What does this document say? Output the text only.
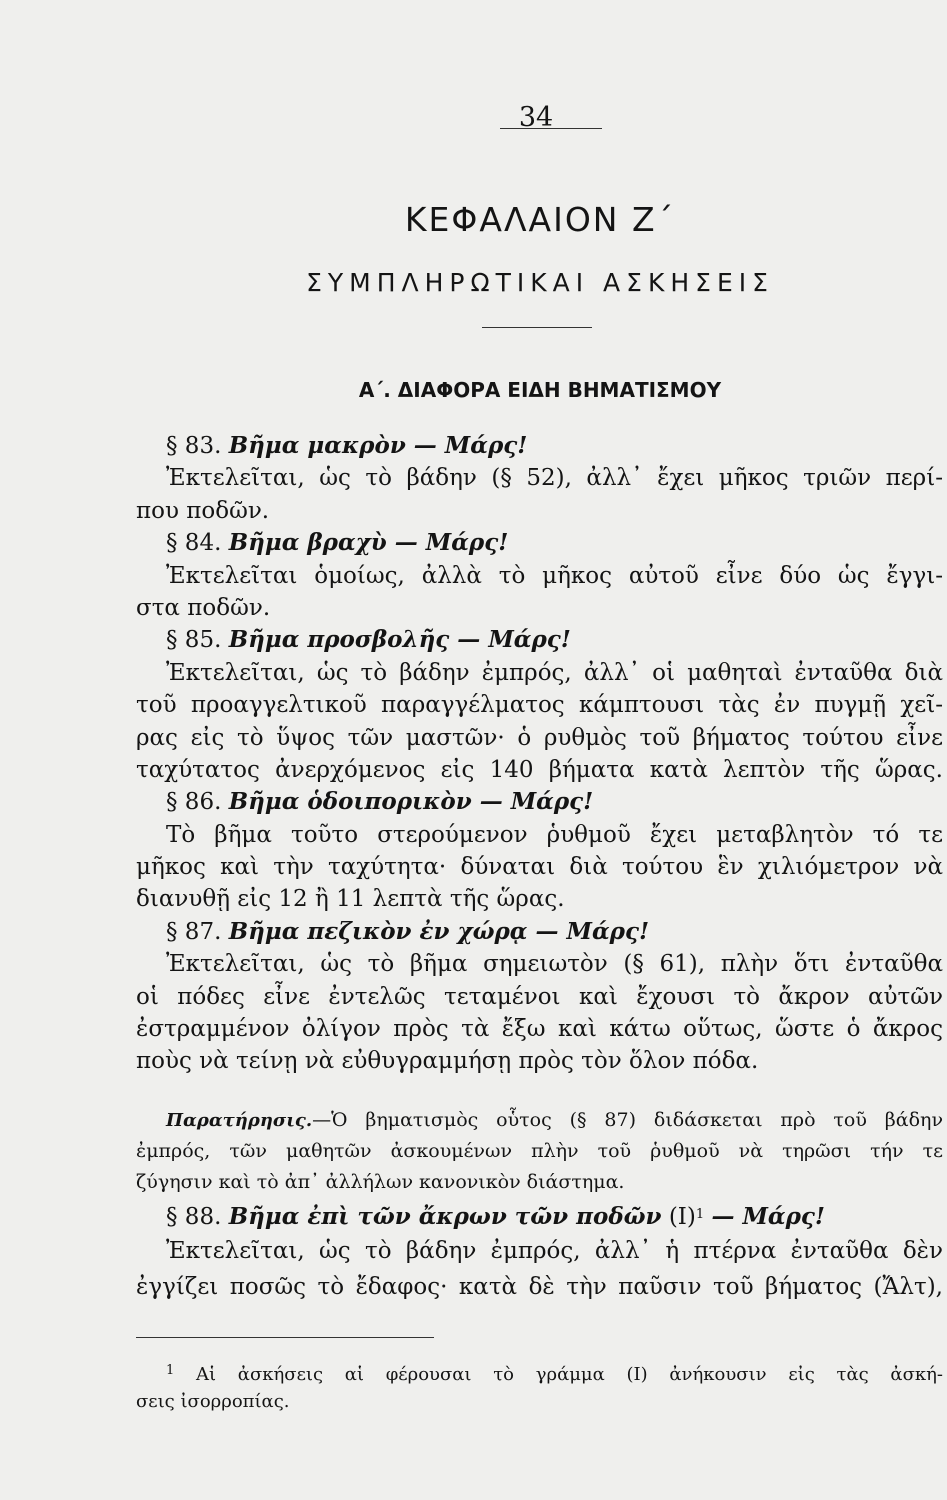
34
ΚΕΦΑΛΑΙΟΝ Ζ΄
ΣΥΜΠΛΗΡΩΤΙΚΑΙ ΑΣΚΗΣΕΙΣ
Α΄. ΔΙΑΦΟΡΑ ΕΙΔΗ ΒΗΜΑΤΙΣΜΟΥ
§ 83. Βῆμα μακρὸν — Μάρς!
Ἐκτελεῖται, ὡς τὸ βάδην (§ 52), ἀλλ᾽ ἔχει μῆκος τριῶν περί-
που ποδῶν.
§ 84. Βῆμα βραχὺ — Μάρς!
Ἐκτελεῖται ὁμοίως, ἀλλὰ τὸ μῆκος αὐτοῦ εἶνε δύο ὡς ἔγγι-
στα ποδῶν.
§ 85. Βῆμα προσβολῆς — Μάρς!
Ἐκτελεῖται, ὡς τὸ βάδην ἐμπρός, ἀλλ᾽ οἱ μαθηταὶ ἐνταῦθα διὰ
τοῦ προαγγελτικοῦ παραγγέλματος κάμπτουσι τὰς ἐν πυγμῇ χεῖ-
ρας εἰς τὸ ὕψος τῶν μαστῶν· ὁ ρυθμὸς τοῦ βήματος τούτου εἶνε
ταχύτατος ἀνερχόμενος εἰς 140 βήματα κατὰ λεπτὸν τῆς ὥρας.
§ 86. Βῆμα ὁδοιπορικὸν — Μάρς!
Τὸ βῆμα τοῦτο στερούμενον ῥυθμοῦ ἔχει μεταβλητὸν τό τε
μῆκος καὶ τὴν ταχύτητα· δύναται διὰ τούτου ἓν χιλιόμετρον νὰ
διανυθῇ εἰς 12 ἢ 11 λεπτὰ τῆς ὥρας.
§ 87. Βῆμα πεζικὸν ἐν χώρᾳ — Μάρς!
Ἐκτελεῖται, ὡς τὸ βῆμα σημειωτὸν (§ 61), πλὴν ὅτι ἐνταῦθα
οἱ πόδες εἶνε ἐντελῶς τεταμένοι καὶ ἔχουσι τὸ ἄκρον αὐτῶν
ἐστραμμένον ὀλίγον πρὸς τὰ ἔξω καὶ κάτω οὕτως, ὥστε ὁ ἄκρος
ποὺς νὰ τείνῃ νὰ εὐθυγραμμήσῃ πρὸς τὸν ὅλον πόδα.
Παρατήρησις.—Ὁ βηματισμὸς οὗτος (§ 87) διδάσκεται πρὸ τοῦ βάδην
ἐμπρός, τῶν μαθητῶν ἀσκουμένων πλὴν τοῦ ῥυθμοῦ νὰ τηρῶσι τήν τε
ζύγησιν καὶ τὸ ἀπ᾽ ἀλλήλων κανονικὸν διάστημα.
§ 88. Βῆμα ἐπὶ τῶν ἄκρων τῶν ποδῶν $(I)^1$ — Μάρς!
Ἐκτελεῖται, ὡς τὸ βάδην ἐμπρός, ἀλλ᾽ ἡ πτέρνα ἐνταῦθα δὲν
ἐγγίζει ποσῶς τὸ ἔδαφος· κατὰ δὲ τὴν παῦσιν τοῦ βήματος (Ἄλτ),
$^1$ Αἱ ἀσκήσεις αἱ φέρουσαι τὸ γράμμα (Ι) ἀνήκουσιν εἰς τὰς ἀσκή-
σεις ἰσορροπίας.
